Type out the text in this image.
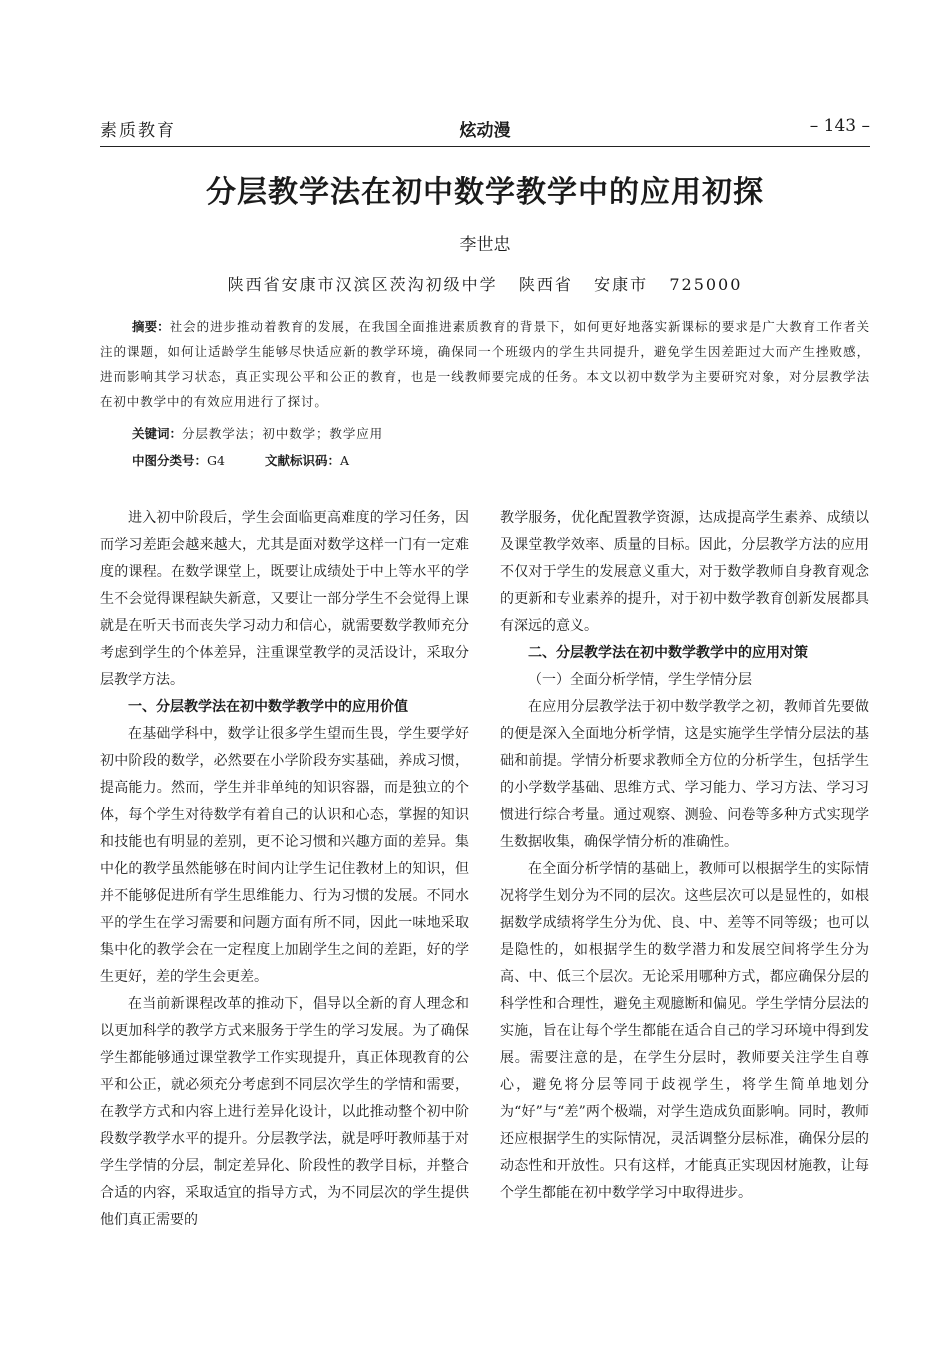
素质教育	炫动漫	– 143 –
分层教学法在初中数学教学中的应用初探
李世忠
陕西省安康市汉滨区茨沟初级中学   陕西省   安康市   725000
摘要：社会的进步推动着教育的发展，在我国全面推进素质教育的背景下，如何更好地落实新课标的要求是广大教育工作者关注的课题，如何让适龄学生能够尽快适应新的教学环境，确保同一个班级内的学生共同提升，避免学生因差距过大而产生挫败感，进而影响其学习状态，真正实现公平和公正的教育，也是一线教师要完成的任务。本文以初中数学为主要研究对象，对分层教学法在初中教学中的有效应用进行了探讨。
关键词：分层教学法；初中数学；教学应用
中图分类号：G4	文献标识码：A

进入初中阶段后，学生会面临更高难度的学习任务，因而学习差距会越来越大，尤其是面对数学这样一门有一定难度的课程。在数学课堂上，既要让成绩处于中上等水平的学生不会觉得课程缺失新意，又要让一部分学生不会觉得上课就是在听天书而丧失学习动力和信心，就需要数学教师充分考虑到学生的个体差异，注重课堂教学的灵活设计，采取分层教学方法。

一、分层教学法在初中数学教学中的应用价值

在基础学科中，数学让很多学生望而生畏，学生要学好初中阶段的数学，必然要在小学阶段夯实基础，养成习惯，提高能力。然而，学生并非单纯的知识容器，而是独立的个体，每个学生对待数学有着自己的认识和心态，掌握的知识和技能也有明显的差别，更不论习惯和兴趣方面的差异。集中化的教学虽然能够在时间内让学生记住教材上的知识，但并不能够促进所有学生思维能力、行为习惯的发展。不同水平的学生在学习需要和问题方面有所不同，因此一味地采取集中化的教学会在一定程度上加剧学生之间的差距，好的学生更好，差的学生会更差。

在当前新课程改革的推动下，倡导以全新的育人理念和以更加科学的教学方式来服务于学生的学习发展。为了确保学生都能够通过课堂教学工作实现提升，真正体现教育的公平和公正，就必须充分考虑到不同层次学生的学情和需要，在教学方式和内容上进行差异化设计，以此推动整个初中阶段数学教学水平的提升。分层教学法，就是呼吁教师基于对学生学情的分层，制定差异化、阶段性的教学目标，并整合合适的内容，采取适宜的指导方式，为不同层次的学生提供他们真正需要的

教学服务，优化配置教学资源，达成提高学生素养、成绩以及课堂教学效率、质量的目标。因此，分层教学方法的应用不仅对于学生的发展意义重大，对于数学教师自身教育观念的更新和专业素养的提升，对于初中数学教育创新发展都具有深远的意义。

二、分层教学法在初中数学教学中的应用对策
（一）全面分析学情，学生学情分层

在应用分层教学法于初中数学教学之初，教师首先要做的便是深入全面地分析学情，这是实施学生学情分层法的基础和前提。学情分析要求教师全方位的分析学生，包括学生的小学数学基础、思维方式、学习能力、学习方法、学习习惯进行综合考量。通过观察、测验、问卷等多种方式实现学生数据收集，确保学情分析的准确性。

在全面分析学情的基础上，教师可以根据学生的实际情况将学生划分为不同的层次。这些层次可以是显性的，如根据数学成绩将学生分为优、良、中、差等不同等级；也可以是隐性的，如根据学生的数学潜力和发展空间将学生分为高、中、低三个层次。无论采用哪种方式，都应确保分层的科学性和合理性，避免主观臆断和偏见。学生学情分层法的实施，旨在让每个学生都能在适合自己的学习环境中得到发展。需要注意的是，在学生分层时，教师要关注学生自尊心，避免将分层等同于歧视学生，将学生简单地划分为“好”与“差”两个极端，对学生造成负面影响。同时，教师还应根据学生的实际情况，灵活调整分层标准，确保分层的动态性和开放性。只有这样，才能真正实现因材施教，让每个学生都能在初中数学学习中取得进步。
